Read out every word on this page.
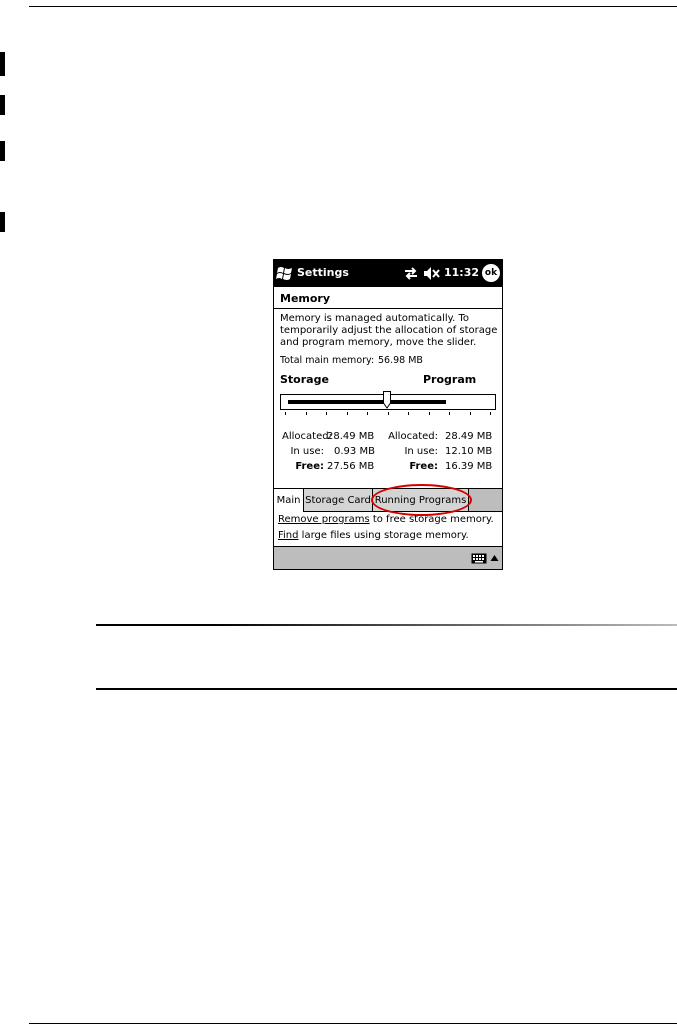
Settings	11:32 ok
Memory
Memory is managed automatically. To temporarily adjust the allocation of storage and program memory, move the slider.
Total main memory: 56.98 MB
Storage	Program
Allocated:
28.49 MB
In use: 0.93 MB
Free: 27.56 MB
Allocated: 28.49 MB
In use: 12.10 MB
Free: 16.39 MB
Main Storage Card Running Programs
Remove programs to free storage memory.
Find large files using storage memory.
